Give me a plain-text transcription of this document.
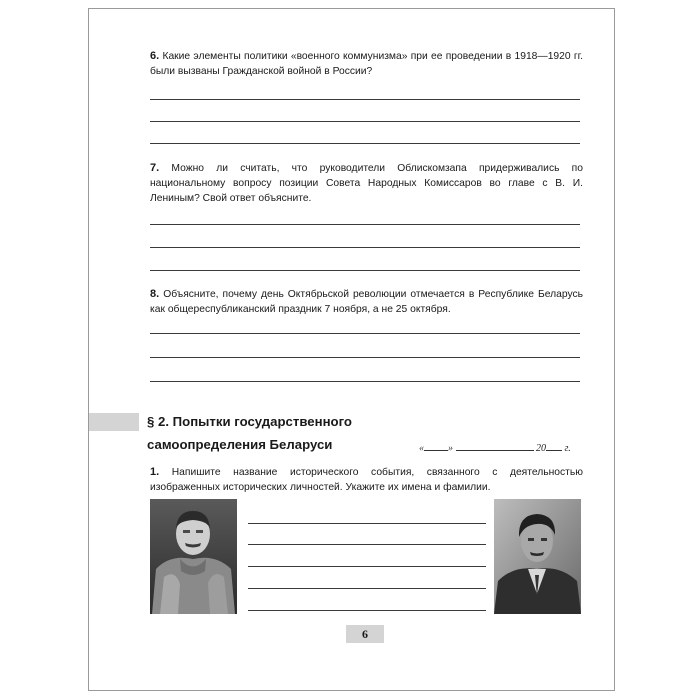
6. Какие элементы политики «военного коммунизма» при ее проведении в 1918—1920 гг. были вызваны Гражданской войной в России?
7. Можно ли считать, что руководители Облискомзапа придерживались по национальному вопросу позиции Совета Народных Комиссаров во главе с В. И. Лениным? Свой ответ объясните.
8. Объясните, почему день Октябрьской революции отмечается в Республике Беларусь как общереспубликанский праздник 7 ноября, а не 25 октября.
§ 2. Попытки государственного
самоопределения Беларуси	« »	20 г.
1. Напишите название исторического события, связанного с деятельностью изображенных исторических личностей. Укажите их имена и фамилии.
6
